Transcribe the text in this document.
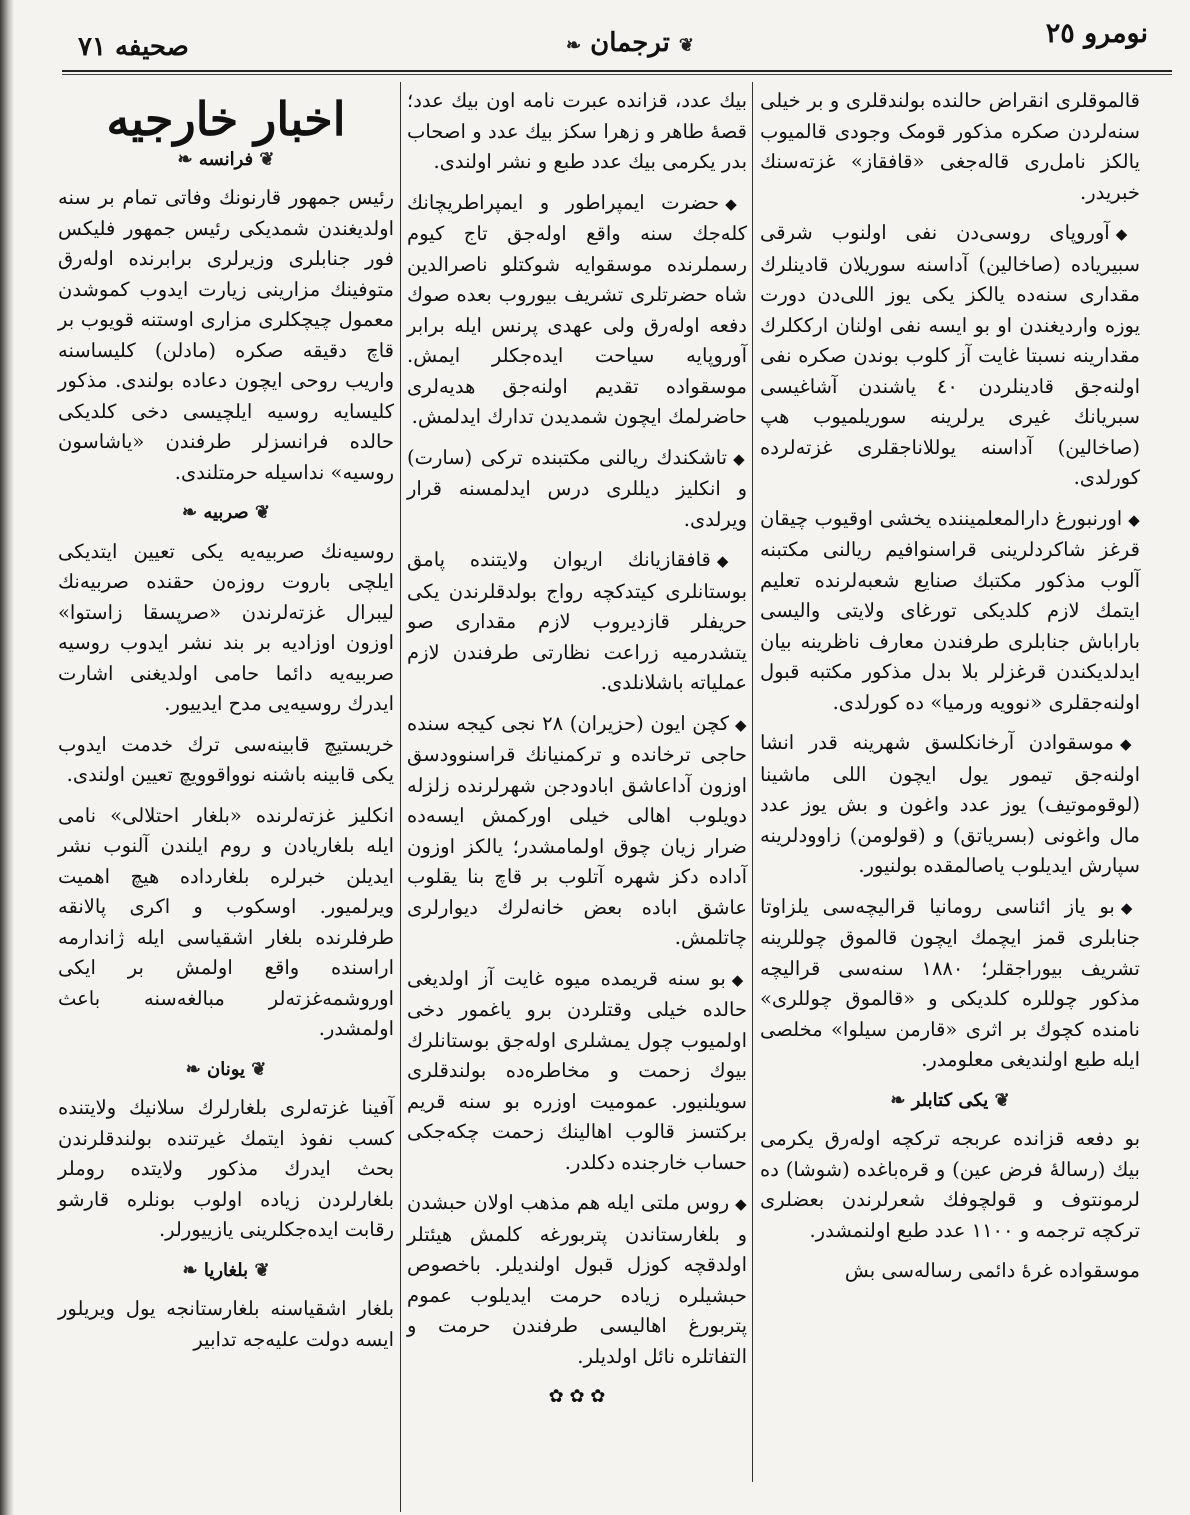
نومرو ٢٥
❦ ترجمان ❧
صحیفه ٧١

قالموقلری انقراض حالنده بولندقلری و بر خیلی سنه‌لردن صکره مذکور قومک وجودی قالمیوب یالکز نامل‌ری قاله‌جغی «قافقاز» غزته‌سنك خبریدر.

◆آوروپای روسی‌دن نفی اولنوب شرقی سبیریاده (صاخالین) آداسنه سوریلان قادینلرك مقداری سنه‌ده یالکز یکی یوز اللی‌دن دورت یوزه واردیغندن او بو ایسه نفی اولنان ارککلرك مقدارینه نسبتا غایت آز کلوب بوندن صکره نفی اولنه‌جق قادینلردن ٤٠ یاشندن آشاغیسی سبریانك غیری یرلرینه سوریلمیوب هپ (صاخالین) آداسنه یوللاناجقلری غزته‌لرده کورلدی.

◆اورنبورغ دارالمعلمیننده یخشی اوقیوب چیقان قرغز شاکردلرینی قراسنوافیم ریالنی مکتبنه آلوب مذکور مکتبك صنایع شعبه‌لرنده تعلیم ایتمك لازم کلدیکی تورغای ولایتی والیسی باراباش جنابلری طرفندن معارف ناظرینه بیان ایدلدیکندن قرغزلر بلا بدل مذکور مکتبه قبول اولنه‌جقلری «نوویه ورمیا» ده کورلدی.

◆موسقوادن آرخانکلسق شهرینه قدر انشا اولنه‌جق تیمور یول ایچون اللی ماشینا (لوقوموتیف) یوز عدد واغون و بش یوز عدد مال واغونی (بسریاتق) و (قولومن) زاوودلرینه سپارش ایدیلوب یاصالمقده بولنیور.

◆بو یاز ائناسی رومانیا قرالیچه‌سی یلزاوتا جنابلری قمز ایچمك ایچون قالموق چوللرینه تشریف بیوراجقلر؛ ١٨٨٠ سنه‌سی قرالیچه مذکور چوللره کلدیکی و «قالموق چوللری» نامنده کچوك بر اثری «قارمن سیلوا» مخلصی ایله طبع اولندیغی معلومدر.

❦ یکی کتابلر ❧

بو دفعه قزانده عربجه ترکچه اوله‌رق یکرمی بیك (رسالهٔ فرض عین) و قره‌باغده (شوشا) ده لرمونتوف و قولچوفك شعرلرندن بعضلری ترکچه ترجمه و ١١٠٠ عدد طبع اولنمشدر.

موسقواده غرهٔ دائمی رساله‌سی بش

بیك عدد، قزانده عبرت نامه اون بیك عدد؛ قصهٔ طاهر و زهرا سکز بیك عدد و اصحاب بدر یکرمی بیك عدد طبع و نشر اولندی.

◆حضرت ایمپراطور و ایمپراطریچانك کله‌جك سنه واقع اوله‌جق تاج کیوم رسملرنده موسقوایه شوکتلو ناصرالدین شاه حضرتلری تشریف بیوروب بعده صوك دفعه اوله‌رق ولی عهدی پرنس ایله برابر آوروپایه سیاحت ایده‌جکلر ایمش. موسقواده تقدیم اولنه‌جق هدیه‌لری حاضرلمك ایچون شمدیدن تدارك ایدلمش.

◆تاشکندك ریالنی مکتبنده ترکی (سارت) و انکلیز دیللری درس ایدلمسنه قرار ویرلدی.

◆قافقازیانك اریوان ولایتنده پامق بوستانلری کیتدکچه رواج بولدقلرندن یکی حریفلر قازدیروب لازم مقداری صو یتشدرمیه زراعت نظارتی طرفندن لازم عملیاته باشلانلدی.

◆کچن ایون (حزیران) ٢٨ نجی کیجه سنده حاجی ترخانده و ترکمنیانك قراسنوودسق اوزون آداعاشق ابادودجن شهرلرنده زلزله دویلوب اهالی خیلی اورکمش ایسه‌ده ضرار زیان چوق اولمامشدر؛ یالکز اوزون آداده دکز شهره آتلوب بر قاچ بنا یقلوب عاشق اباده بعض خانه‌لرك دیوارلری چاتلمش.

◆بو سنه قریمده میوه غایت آز اولدیغی حالده خیلی وقتلردن برو یاغمور دخی اولمیوب چول یمشلری اوله‌جق بوستانلرك بیوك زحمت و مخاطره‌ده بولندقلری سویلنیور. عمومیت اوزره بو سنه قریم برکتسز قالوب اهالینك زحمت چکه‌جکی حساب خارجنده دکلدر.

◆روس ملتی ایله هم مذهب اولان حبشدن و بلغارستاندن پتربورغه کلمش هیئتلر اولدقچه کوزل قبول اولندیلر. باخصوص حبشیلره زیاده حرمت ایدیلوب عموم پتربورغ اهالیسی طرفندن حرمت و التفاتلره نائل اولدیلر.

✿ ✿ ✿
اخبار خارجیه
❦ فرانسه ❧

رئیس جمهور قارنونك وفاتی تمام بر سنه اولدیغندن شمدیکی رئیس جمهور فلیکس فور جنابلری وزیرلری برابرنده اوله‌رق متوفینك مزارینی زیارت ایدوب کموشدن معمول چیچکلری مزاری اوستنه قویوب بر قاچ دقیقه صکره (مادلن) کلیساسنه واریب روحی ایچون دعاده بولندی. مذکور کلیسایه روسیه ایلچیسی دخی کلدیکی حالده فرانسزلر طرفندن «یاشاسون روسیه» نداسیله حرمتلندی.

❦ صربیه ❧

روسیه‌نك صربیه‌یه یکی تعیین ایتدیکی ایلچی باروت روزه‌ن حقنده صربیه‌نك لیبرال غزته‌لرندن «صرپسقا زاستوا» اوزون اوزادیه بر بند نشر ایدوب روسیه صربیه‌یه دائما حامی اولدیغنی اشارت ایدرك روسیه‌یی مدح ایدییور.

خریستیچ قابینه‌سی ترك خدمت ایدوب یکی قابینه باشنه نوواقوویچ تعیین اولندی.

انکلیز غزته‌لرنده «بلغار احتلالی» نامی ایله بلغاریادن و روم ایلندن آلنوب نشر ایدیلن خبرلره بلغارداده هیچ اهمیت ویرلمیور. اوسکوب و اکری پالانقه طرفلرنده بلغار اشقیاسی ایله ژاندارمه اراسنده واقع اولمش بر ایکی اوروشمه‌غزته‌لر مبالغه‌سنه باعث اولمشدر.

❦ یونان ❧

آفینا غزته‌لری بلغارلرك سلانیك ولایتنده کسب نفوذ ایتمك غیرتنده بولندقلرندن بحث ایدرك مذکور ولایتده روملر بلغارلردن زیاده اولوب بونلره قارشو رقابت ایده‌جکلرینی یازییورلر.

❦ بلغاریا ❧

بلغار اشقیاسنه بلغارستانجه یول ویریلور ایسه دولت علیه‌جه تدابیر
